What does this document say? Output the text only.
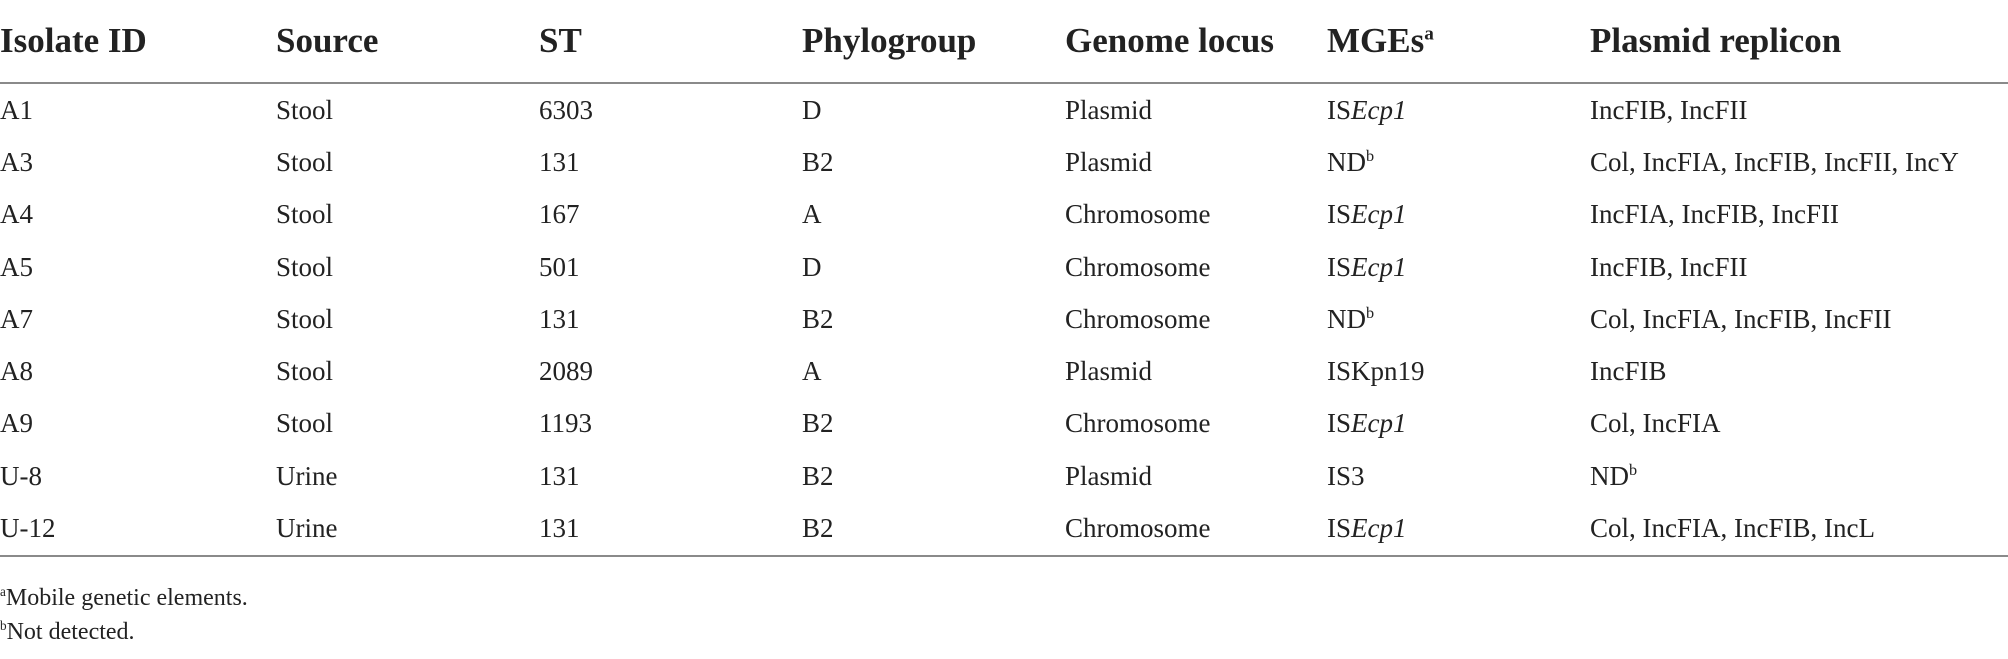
Isolate ID	Source	ST	Phylogroup	Genome locus	MGEs$^a$	Plasmid replicon
A1	Stool	6303	D	Plasmid	ISEcp1	IncFIB, IncFII
A3	Stool	131	B2	Plasmid	$ND^b$	Col, IncFIA, IncFIB, IncFII, IncY
A4	Stool	167	A	Chromosome	ISEcp1	IncFIA, IncFIB, IncFII
A5	Stool	501	D	Chromosome	ISEcp1	IncFIB, IncFII
A7	Stool	131	B2	Chromosome	$ND^b$	Col, IncFIA, IncFIB, IncFII
A8	Stool	2089	A	Plasmid	ISKpn19	IncFIB
A9	Stool	1193	B2	Chromosome	ISEcp1	Col, IncFIA
U-8	Urine	131	B2	Plasmid	IS3	$ND^b$
U-12	Urine	131	B2	Chromosome	ISEcp1	Col, IncFIA, IncFIB, IncL
$^a$Mobile genetic elements.
$^b$Not detected.
